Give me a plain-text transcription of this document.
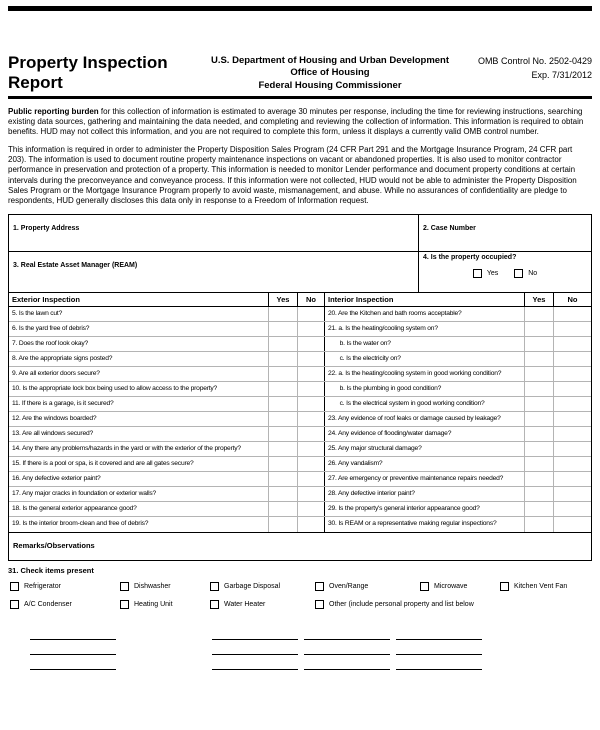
Property Inspection
Report
U.S. Department of Housing and Urban Development
Office of Housing
Federal Housing Commissioner
OMB Control No. 2502-0429
Exp. 7/31/2012

Public reporting burden for this collection of information is estimated to average 30 minutes per response, including the time for reviewing instructions, searching existing data sources, gathering and maintaining the data needed, and completing and reviewing the collection of information. This information is required to obtain benefits. HUD may not collect this information, and you are not required to complete this form, unless it displays a currently valid OMB control number.

This information is required in order to administer the Property Disposition Sales Program (24 CFR Part 291 and the Mortgage Insurance Program, 24 CFR part 203). The information is used to document routine property maintenance inspections on vacant or abandoned properties. It is also used to monitor contractor performance in preservation and protection of a property. This information is needed to monitor Lender performance and document property conditions at certain intervals during the preconveyance and conveyance process. If this information were not collected, HUD would not be able to administer the Property Disposition Sales Program or the Mortgage Insurance Program properly to avoid waste, mismanagement, and abuse. While no assurances of confidentiality are pledge to respondents, HUD generally discloses this data only in response to a Freedom of Information request.

1. Property Address	2. Case Number
3. Real Estate Asset Manager (REAM)
4. Is the property occupied?
Yes	No
Exterior Inspection	Yes	No	Interior Inspection	Yes	No
5. Is the lawn cut?	20. Are the Kitchen and bath rooms acceptable?
6. Is the yard free of debris?	21. a. Is the heating/cooling system on?
7. Does the roof look okay?	b. Is the water on?
8. Are the appropriate signs posted?	c. Is the electricity on?
9. Are all exterior doors secure?	22. a. Is the heating/cooling system in good working condition?
10. Is the appropriate lock box being used to allow access to the property?	b. Is the plumbing in good condition?
11. If there is a garage, is it secured?	c. Is the electrical system in good working condition?
12. Are the windows boarded?	23. Any evidence of roof leaks or damage caused by leakage?
13. Are all windows secured?	24. Any evidence of flooding/water damage?
14. Any there any problems/hazards in the yard or with the exterior of the property?	25. Any major structural damage?
15. If there is a pool or spa, is it covered and are all gates secure?	26. Any vandalism?
16. Any defective exterior paint?	27. Are emergency or preventive maintenance repairs needed?
17. Any major cracks in foundation or exterior walls?	28. Any defective interior paint?
18. Is the general exterior appearance good?	29. Is the property's general interior appearance good?
19. Is the interior broom-clean and free of debris?	30. Is REAM or a representative making regular inspections?
Remarks/Observations
31. Check items present
Refrigerator	Dishwasher	Garbage Disposal	Oven/Range	Microwave	Kitchen Vent Fan
A/C Condenser	Heating Unit	Water Heater	Other (include personal property and list below
